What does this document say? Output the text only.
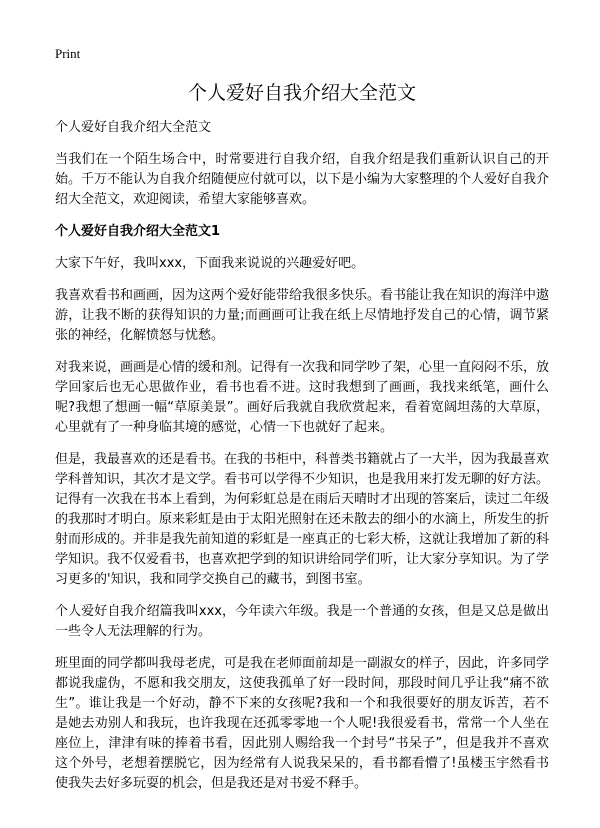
Print
个人爱好自我介绍大全范文

个人爱好自我介绍大全范文

当我们在一个陌生场合中，时常要进行自我介绍，自我介绍是我们重新认识自己的开始。千万不能认为自我介绍随便应付就可以，以下是小编为大家整理的个人爱好自我介绍大全范文，欢迎阅读，希望大家能够喜欢。

个人爱好自我介绍大全范文1

大家下午好，我叫xxx，下面我来说说的兴趣爱好吧。

我喜欢看书和画画，因为这两个爱好能带给我很多快乐。看书能让我在知识的海洋中遨游，让我不断的获得知识的力量;而画画可让我在纸上尽情地抒发自己的心情，调节紧张的神经，化解愤怒与忧愁。

对我来说，画画是心情的缓和剂。记得有一次我和同学吵了架，心里一直闷闷不乐，放学回家后也无心思做作业，看书也看不进。这时我想到了画画，我找来纸笔，画什么呢?我想了想画一幅“草原美景”。画好后我就自我欣赏起来，看着宽阔坦荡的大草原，心里就有了一种身临其境的感觉，心情一下也就好了起来。

但是，我最喜欢的还是看书。在我的书柜中，科普类书籍就占了一大半，因为我最喜欢学科普知识，其次才是文学。看书可以学得不少知识，也是我用来打发无聊的好方法。记得有一次我在书本上看到，为何彩虹总是在雨后天晴时才出现的答案后，读过二年级的我那时才明白。原来彩虹是由于太阳光照射在还未散去的细小的水滴上，所发生的折射而形成的。并非是我先前知道的彩虹是一座真正的七彩大桥，这就让我增加了新的科学知识。我不仅爱看书，也喜欢把学到的知识讲给同学们听，让大家分享知识。为了学习更多的'知识，我和同学交换自己的藏书，到图书室。

个人爱好自我介绍篇我叫xxx，今年读六年级。我是一个普通的女孩，但是又总是做出一些令人无法理解的行为。

班里面的同学都叫我母老虎，可是我在老师面前却是一副淑女的样子，因此，许多同学都说我虚伪，不愿和我交朋友，这使我孤单了好一段时间，那段时间几乎让我“痛不欲生”。谁让我是一个好动，静不下来的女孩呢?我和一个和我很要好的朋友诉苦，若不是她去劝别人和我玩，也许我现在还孤零零地一个人呢!我很爱看书，常常一个人坐在座位上，津津有味的捧着书看，因此别人赐给我一个封号“书呆子”，但是我并不喜欢这个外号，老想着摆脱它，因为经常有人说我呆呆的，看书都看懵了!虽楼玉宇然看书使我失去好多玩耍的机会，但是我还是对书爱不释手。
